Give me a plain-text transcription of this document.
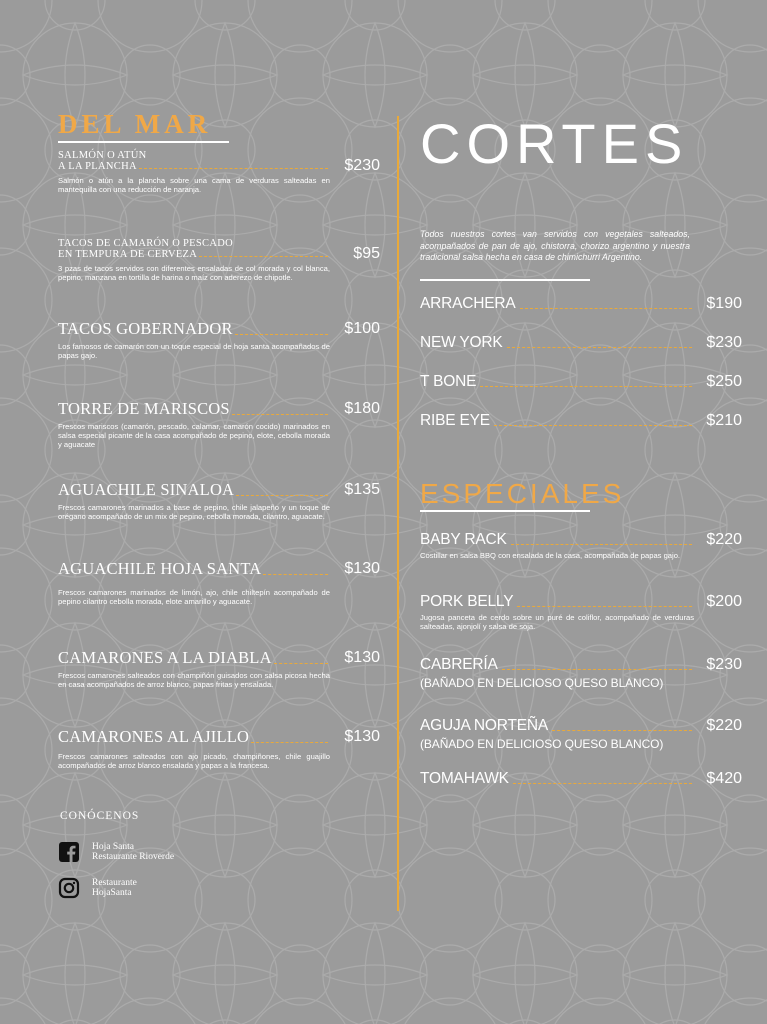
DEL MAR
SALMÓN O ATÚN
A LA PLANCHA	$230
Salmón o atún a la plancha sobre una cama de verduras salteadas en mantequilla con una reducción de naranja.
TACOS DE CAMARÓN O PESCADO
EN TEMPURA DE CERVEZA	$95
3 pzas de tacos servidos con diferentes ensaladas de col morada y col blanca, pepino, manzana en tortilla de harina o maíz con aderezo de chipotle.
TACOS GOBERNADOR	$100
Los famosos de camarón con un toque especial de hoja santa acompañados de papas gajo.
TORRE DE MARISCOS	$180
Frescos mariscos (camarón, pescado, calamar, camarón cocido) marinados en salsa especial picante de la casa acompañado de pepino, elote, cebolla morada y aguacate
AGUACHILE SINALOA	$135
Frescos camarones marinados a base de pepino, chile jalapeño y un toque de orégano acompañado de un mix de pepino, cebolla morada, cilantro, aguacate.
AGUACHILE HOJA SANTA	$130
Frescos camarones marinados de limón, ajo, chile chiltepín acompañado de pepino cilantro cebolla morada, elote amarillo y aguacate.
CAMARONES A LA DIABLA	$130
Frescos camarones salteados con champiñón guisados con salsa picosa hecha en casa acompañados de arroz blanco, papas fritas y ensalada.
CAMARONES AL AJILLO	$130
Frescos camarones salteados con ajo picado, champiñones, chile guajillo acompañados de arroz blanco ensalada y papas a la francesa.
CORTES
Todos nuestros cortes van servidos con vegetales salteados, acompañados de pan de ajo, chistorra, chorizo argentino y nuestra tradicional salsa hecha en casa de chimichurri Argentino.
ARRACHERA	$190
NEW YORK	$230
T BONE	$250
RIBE EYE	$210
ESPECIALES
BABY RACK	$220
Costillar en salsa BBQ con ensalada de la casa, acompañada de papas gajo.
PORK BELLY	$200
Jugosa panceta de cerdo sobre un puré de coliflor, acompañado de verduras salteadas, ajonjolí y salsa de soja.
CABRERÍA	$230
(BAÑADO EN DELICIOSO QUESO BLANCO)
AGUJA NORTEÑA	$220
(BAÑADO EN DELICIOSO QUESO BLANCO)
TOMAHAWK	$420
CONÓCENOS
Hoja Santa
Restaurante Rioverde
Restaurante
HojaSanta
